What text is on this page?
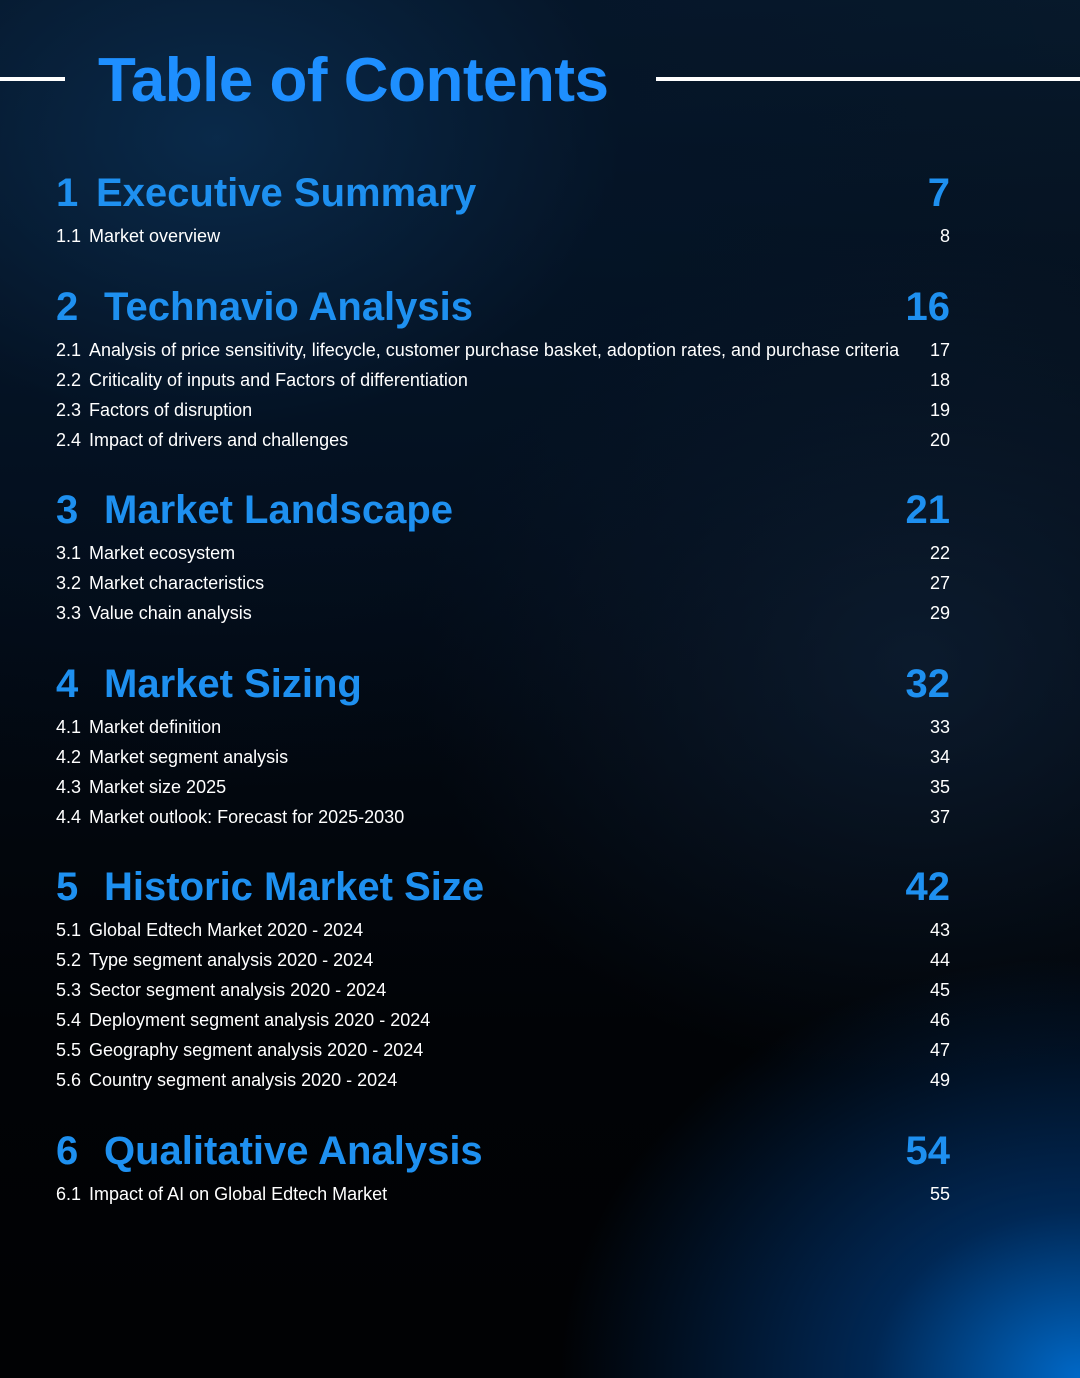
Table of Contents
1 Executive Summary	7
1.1 Market overview	8
2 Technavio Analysis	16
2.1 Analysis of price sensitivity, lifecycle, customer purchase basket, adoption rates, and purchase criteria 17
2.2 Criticality of inputs and Factors of differentiation	18
2.3 Factors of disruption	19
2.4 Impact of drivers and challenges	20
3 Market Landscape	21
3.1 Market ecosystem	22
3.2 Market characteristics	27
3.3 Value chain analysis	29
4 Market Sizing	32
4.1 Market definition	33
4.2 Market segment analysis	34
4.3 Market size 2025	35
4.4 Market outlook: Forecast for 2025-2030	37
5 Historic Market Size	42
5.1 Global Edtech Market 2020 - 2024	43
5.2 Type segment analysis 2020 - 2024	44
5.3 Sector segment analysis 2020 - 2024	45
5.4 Deployment segment analysis 2020 - 2024	46
5.5 Geography segment analysis 2020 - 2024	47
5.6 Country segment analysis 2020 - 2024	49
6 Qualitative Analysis	54
6.1 Impact of AI on Global Edtech Market	55
